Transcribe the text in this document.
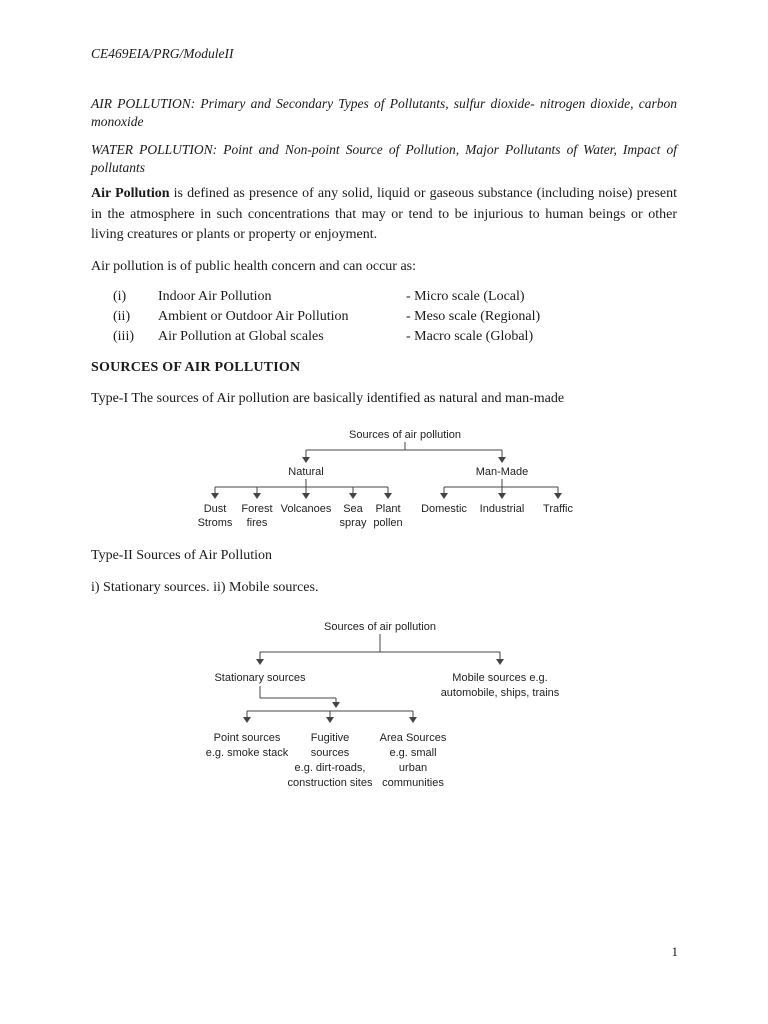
CE469EIA/PRG/ModuleII
AIR POLLUTION: Primary and Secondary Types of Pollutants, sulfur dioxide- nitrogen dioxide, carbon monoxide
WATER POLLUTION: Point and Non-point Source of Pollution, Major Pollutants of Water, Impact of pollutants
Air Pollution is defined as presence of any solid, liquid or gaseous substance (including noise) present in the atmosphere in such concentrations that may or tend to be injurious to human beings or other living creatures or plants or property or enjoyment.
Air pollution is of public health concern and can occur as:
(i) Indoor Air Pollution	- Micro scale (Local)
(ii) Ambient or Outdoor Air Pollution	- Meso scale (Regional)
(iii) Air Pollution at Global scales	- Macro scale (Global)
SOURCES OF AIR POLLUTION
Type-I The sources of Air pollution are basically identified as natural and man-made
Sources of air pollution
Natural	Man-Made
Dust
Stroms
Forest
fires
Volcanoes Sea
spray
Plant
pollen
Domestic Industrial Traffic
Type-II Sources of Air Pollution
i) Stationary sources. ii) Mobile sources.
Sources of air pollution
Stationary sources	Mobile sources e.g.
automobile, ships, trains
Point sources
e.g. smoke stack
Fugitive
sources
e.g. dirt-roads,
construction sites
Area Sources
e.g. small
urban
communities
1
